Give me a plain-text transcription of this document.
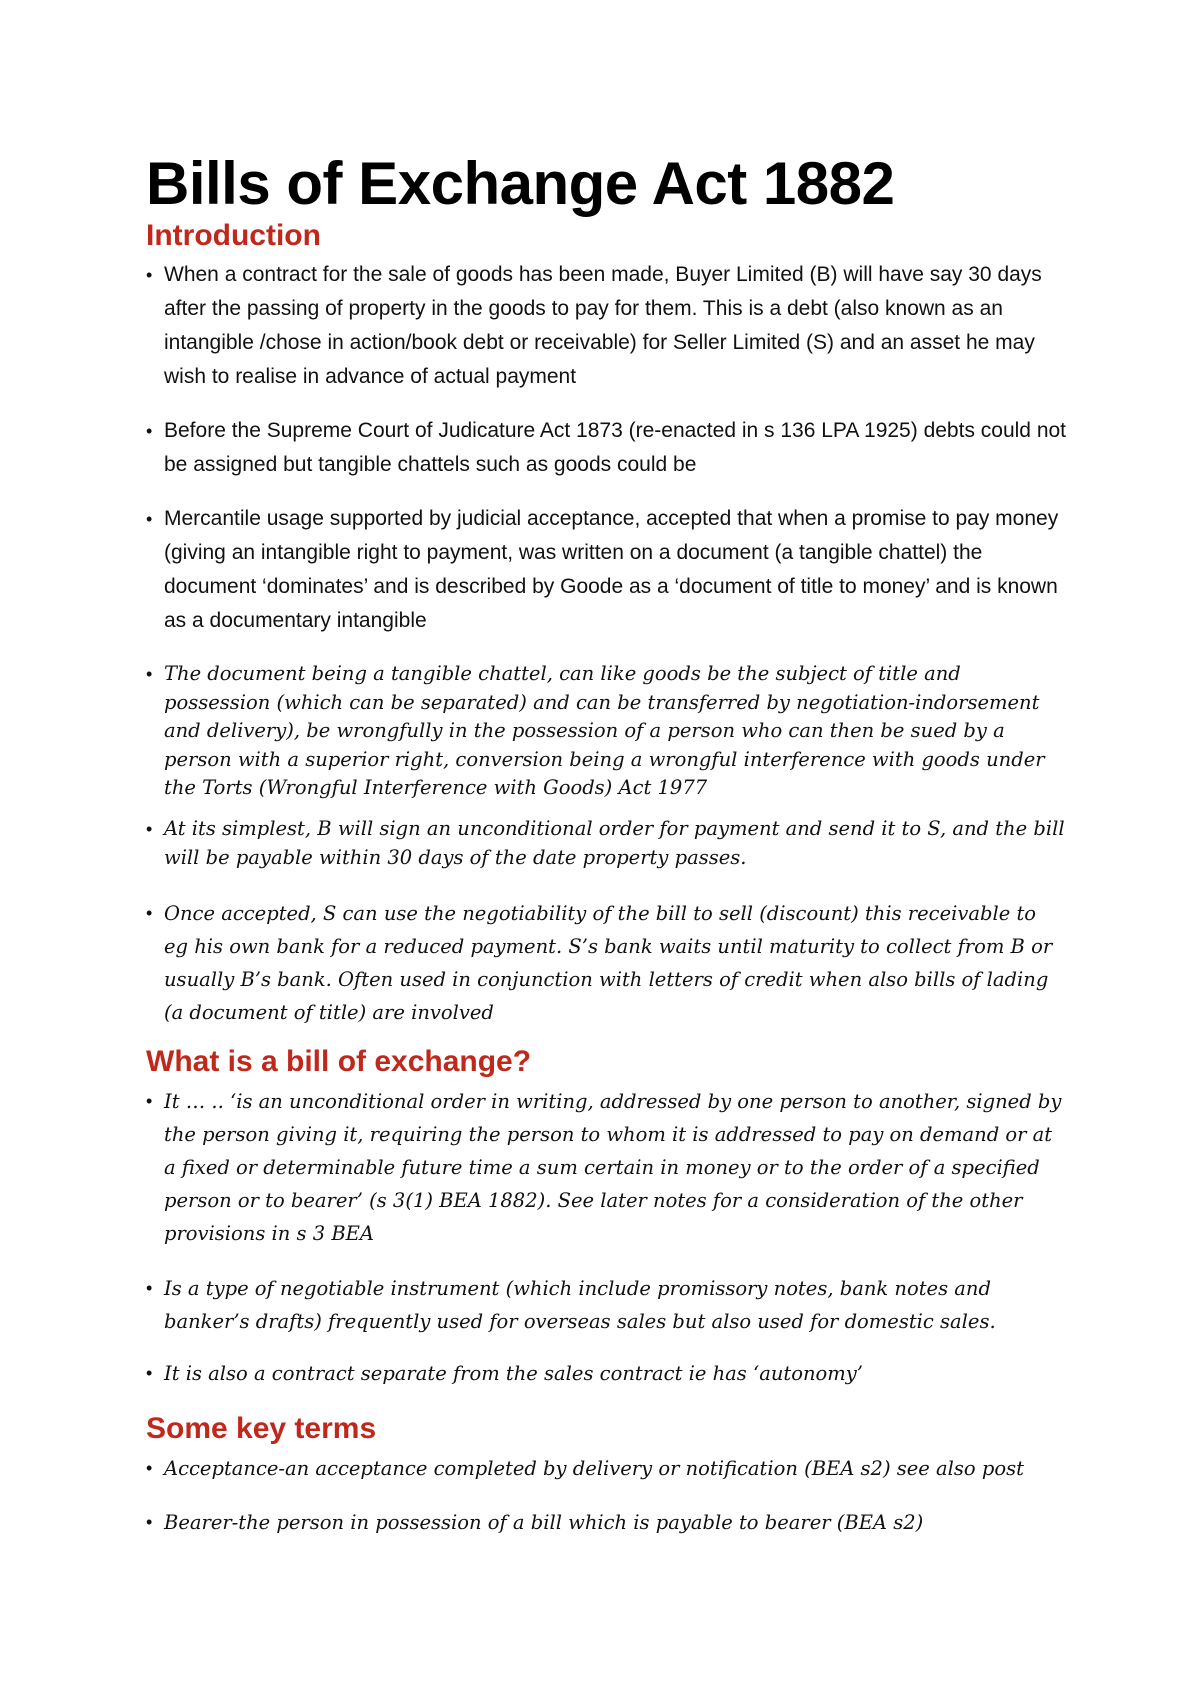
Bills of Exchange Act 1882
Introduction
• When a contract for the sale of goods has been made, Buyer Limited (B) will have say 30 days after the passing of property in the goods to pay for them. This is a debt (also known as an intangible /chose in action/book debt or receivable) for Seller Limited (S) and an asset he may wish to realise in advance of actual payment
• Before the Supreme Court of Judicature Act 1873 (re-enacted in s 136 LPA 1925) debts could not be assigned but tangible chattels such as goods could be
• Mercantile usage supported by judicial acceptance, accepted that when a promise to pay money (giving an intangible right to payment, was written on a document (a tangible chattel) the document ‘dominates’ and is described by Goode as a ‘document of title to money’ and is known as a documentary intangible
• The document being a tangible chattel, can like goods be the subject of title and possession (which can be separated) and can be transferred by negotiation-indorsement and delivery), be wrongfully in the possession of a person who can then be sued by a person with a superior right, conversion being a wrongful interference with goods under the Torts (Wrongful Interference with Goods) Act 1977
• At its simplest, B will sign an unconditional order for payment and send it to S, and the bill will be payable within 30 days of the date property passes.
• Once accepted, S can use the negotiability of the bill to sell (discount) this receivable to eg his own bank for a reduced payment. S’s bank waits until maturity to collect from B or usually B’s bank. Often used in conjunction with letters of credit when also bills of lading (a document of title) are involved
What is a bill of exchange?
• It … .. ‘is an unconditional order in writing, addressed by one person to another, signed by the person giving it, requiring the person to whom it is addressed to pay on demand or at a fixed or determinable future time a sum certain in money or to the order of a specified person or to bearer’ (s 3(1) BEA 1882). See later notes for a consideration of the other provisions in s 3 BEA
• Is a type of negotiable instrument (which include promissory notes, bank notes and banker’s drafts) frequently used for overseas sales but also used for domestic sales.
• It is also a contract separate from the sales contract ie has ‘autonomy’
Some key terms
• Acceptance-an acceptance completed by delivery or notification (BEA s2) see also post
• Bearer-the person in possession of a bill which is payable to bearer (BEA s2)
